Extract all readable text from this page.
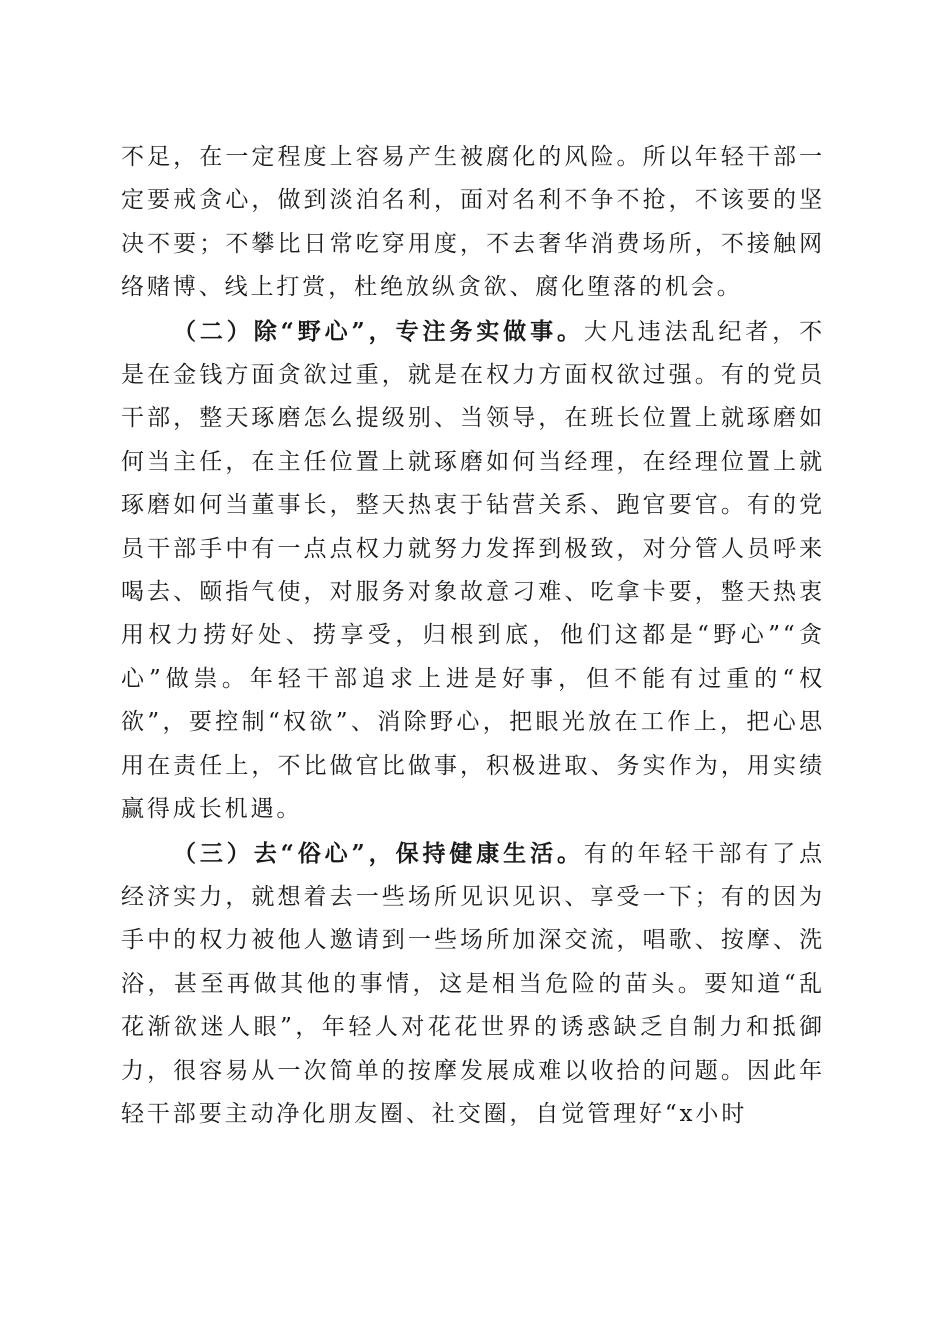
不足，在一定程度上容易产生被腐化的风险。所以年轻干部一定要戒贪心，做到淡泊名利，面对名利不争不抢，不该要的坚决不要；不攀比日常吃穿用度，不去奢华消费场所，不接触网络赌博、线上打赏，杜绝放纵贪欲、腐化堕落的机会。

（二）除“野心”，专注务实做事。大凡违法乱纪者，不是在金钱方面贪欲过重，就是在权力方面权欲过强。有的党员干部，整天琢磨怎么提级别、当领导，在班长位置上就琢磨如何当主任，在主任位置上就琢磨如何当经理，在经理位置上就琢磨如何当董事长，整天热衷于钻营关系、跑官要官。有的党员干部手中有一点点权力就努力发挥到极致，对分管人员呼来喝去、颐指气使，对服务对象故意刁难、吃拿卡要，整天热衷用权力捞好处、捞享受，归根到底，他们这都是“野心”“贪心”做祟。年轻干部追求上进是好事，但不能有过重的“权欲”，要控制“权欲”、消除野心，把眼光放在工作上，把心思用在责任上，不比做官比做事，积极进取、务实作为，用实绩赢得成长机遇。

（三）去“俗心”，保持健康生活。有的年轻干部有了点经济实力，就想着去一些场所见识见识、享受一下；有的因为手中的权力被他人邀请到一些场所加深交流，唱歌、按摩、洗浴，甚至再做其他的事情，这是相当危险的苗头。要知道“乱花渐欲迷人眼”，年轻人对花花世界的诱惑缺乏自制力和抵御力，很容易从一次简单的按摩发展成难以收拾的问题。因此年轻干部要主动净化朋友圈、社交圈，自觉管理好“x小时
